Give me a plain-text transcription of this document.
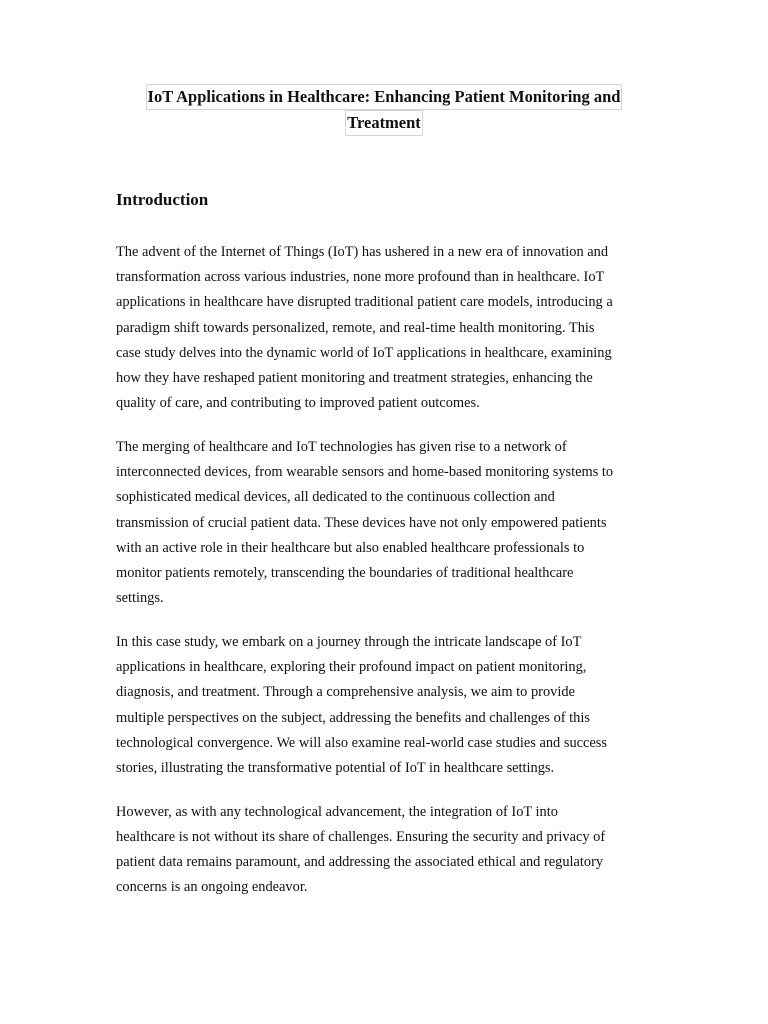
IoT Applications in Healthcare: Enhancing Patient Monitoring and
Treatment
Introduction

The advent of the Internet of Things (IoT) has ushered in a new era of innovation and
transformation across various industries, none more profound than in healthcare. IoT
applications in healthcare have disrupted traditional patient care models, introducing a
paradigm shift towards personalized, remote, and real-time health monitoring. This
case study delves into the dynamic world of IoT applications in healthcare, examining
how they have reshaped patient monitoring and treatment strategies, enhancing the
quality of care, and contributing to improved patient outcomes.

The merging of healthcare and IoT technologies has given rise to a network of
interconnected devices, from wearable sensors and home-based monitoring systems to
sophisticated medical devices, all dedicated to the continuous collection and
transmission of crucial patient data. These devices have not only empowered patients
with an active role in their healthcare but also enabled healthcare professionals to
monitor patients remotely, transcending the boundaries of traditional healthcare
settings.

In this case study, we embark on a journey through the intricate landscape of IoT
applications in healthcare, exploring their profound impact on patient monitoring,
diagnosis, and treatment. Through a comprehensive analysis, we aim to provide
multiple perspectives on the subject, addressing the benefits and challenges of this
technological convergence. We will also examine real-world case studies and success
stories, illustrating the transformative potential of IoT in healthcare settings.

However, as with any technological advancement, the integration of IoT into
healthcare is not without its share of challenges. Ensuring the security and privacy of
patient data remains paramount, and addressing the associated ethical and regulatory
concerns is an ongoing endeavor.
